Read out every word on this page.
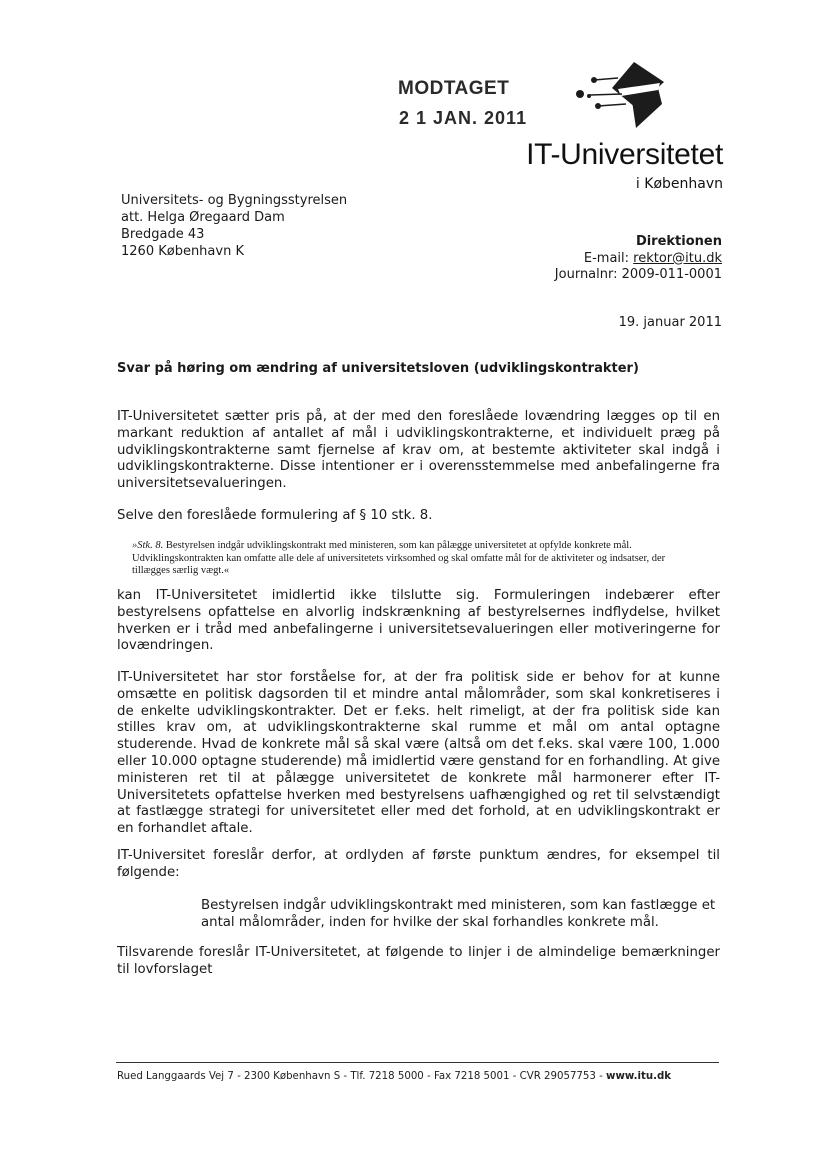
MODTAGET
2 1 JAN. 2011
IT-Universitetet
i København
Universitets- og Bygningsstyrelsen
att. Helga Øregaard Dam
Bredgade 43
1260 København K
Direktionen
E-mail: rektor@itu.dk
Journalnr: 2009-011-0001
19. januar 2011
Svar på høring om ændring af universitetsloven (udviklingskontrakter)
IT-Universitetet sætter pris på, at der med den foreslåede lovændring lægges op til en markant reduktion af antallet af mål i udviklingskontrakterne, et individuelt præg på udviklingskontrakterne samt fjernelse af krav om, at bestemte aktiviteter skal indgå i udviklingskontrakterne. Disse intentioner er i overensstemmelse med anbefalingerne fra universitetsevalueringen.
Selve den foreslåede formulering af § 10 stk. 8.
»Stk. 8. Bestyrelsen indgår udviklingskontrakt med ministeren, som kan pålægge universitetet at opfylde konkrete mål. Udviklingskontrakten kan omfatte alle dele af universitetets virksomhed og skal omfatte mål for de aktiviteter og indsatser, der tillægges særlig vægt.«
kan IT-Universitetet imidlertid ikke tilslutte sig. Formuleringen indebærer efter bestyrelsens opfattelse en alvorlig indskrænkning af bestyrelsernes indflydelse, hvilket hverken er i tråd med anbefalingerne i universitetsevalueringen eller motiveringerne for lovændringen.
IT-Universitetet har stor forståelse for, at der fra politisk side er behov for at kunne omsætte en politisk dagsorden til et mindre antal målområder, som skal konkretiseres i de enkelte udviklingskontrakter. Det er f.eks. helt rimeligt, at der fra politisk side kan stilles krav om, at udviklingskontrakterne skal rumme et mål om antal optagne studerende. Hvad de konkrete mål så skal være (altså om det f.eks. skal være 100, 1.000 eller 10.000 optagne studerende) må imidlertid være genstand for en forhandling. At give ministeren ret til at pålægge universitetet de konkrete mål harmonerer efter IT-Universitetets opfattelse hverken med bestyrelsens uafhængighed og ret til selvstændigt at fastlægge strategi for universitetet eller med det forhold, at en udviklingskontrakt er en forhandlet aftale.
IT-Universitet foreslår derfor, at ordlyden af første punktum ændres, for eksempel til følgende:
Bestyrelsen indgår udviklingskontrakt med ministeren, som kan fastlægge et antal målområder, inden for hvilke der skal forhandles konkrete mål.
Tilsvarende foreslår IT-Universitetet, at følgende to linjer i de almindelige bemærkninger til lovforslaget
Rued Langgaards Vej 7 - 2300 København S - Tlf. 7218 5000 - Fax 7218 5001 - CVR 29057753 - www.itu.dk
